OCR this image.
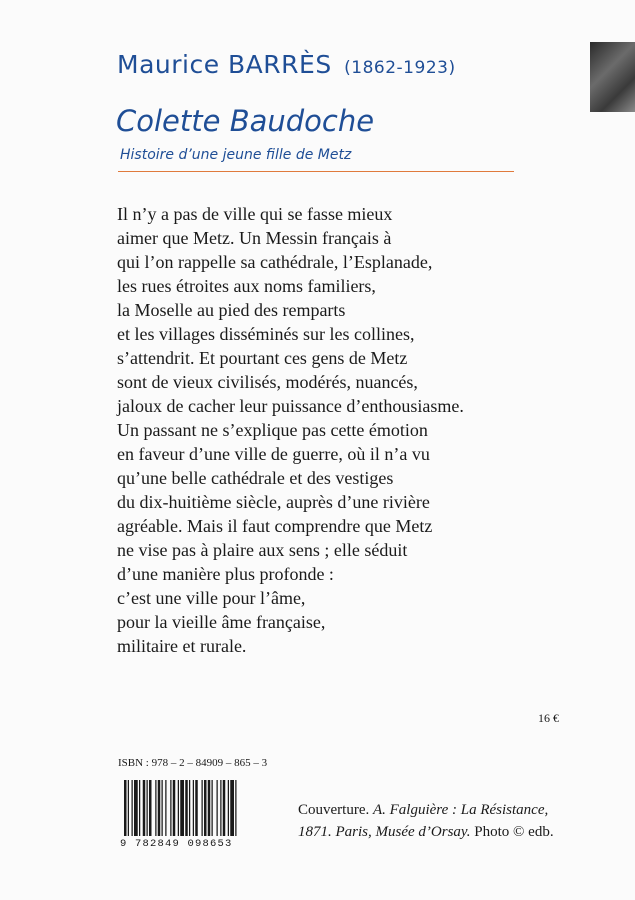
Maurice BARRÈS (1862-1923)
Colette Baudoche
Histoire d’une jeune fille de Metz

Il n’y a pas de ville qui se fasse mieux
aimer que Metz. Un Messin français à
qui l’on rappelle sa cathédrale, l’Esplanade,
les rues étroites aux noms familiers,
la Moselle au pied des remparts
et les villages disséminés sur les collines,
s’attendrit. Et pourtant ces gens de Metz
sont de vieux civilisés, modérés, nuancés,
jaloux de cacher leur puissance d’enthousiasme.
Un passant ne s’explique pas cette émotion
en faveur d’une ville de guerre, où il n’a vu
qu’une belle cathédrale et des vestiges
du dix-huitième siècle, auprès d’une rivière
agréable. Mais il faut comprendre que Metz
ne vise pas à plaire aux sens ; elle séduit
d’une manière plus profonde :
c’est une ville pour l’âme,
pour la vieille âme française,
militaire et rurale.

16 €
ISBN : 978 – 2 – 84909 – 865 – 3
9 782849 098653
Couverture. A. Falguière : La Résistance,
1871. Paris, Musée d’Orsay. Photo © edb.
